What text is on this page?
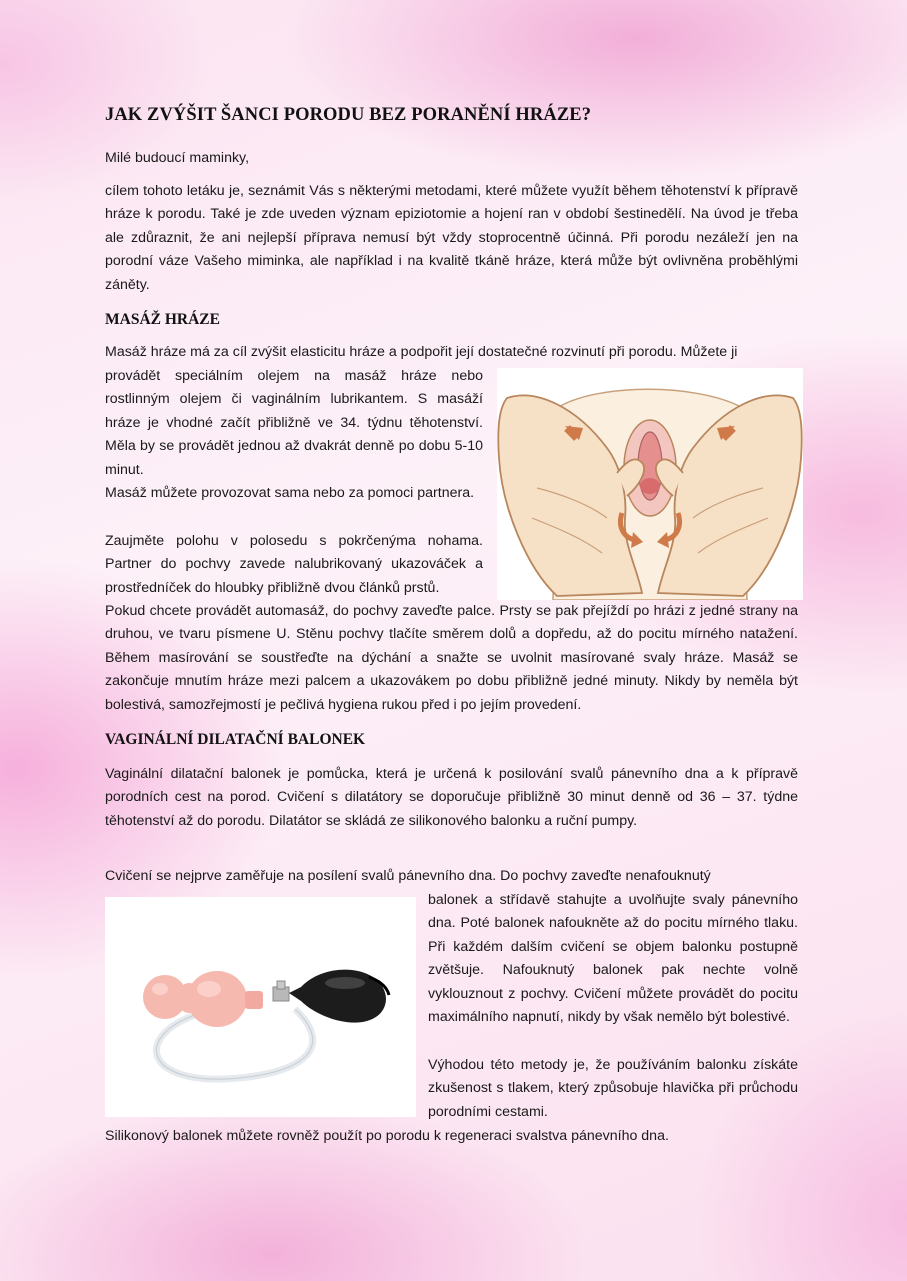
JAK ZVÝŠIT ŠANCI PORODU BEZ PORANĚNÍ HRÁZE?

Milé budoucí maminky,

cílem tohoto letáku je, seznámit Vás s některými metodami, které můžete využít během těhotenství k přípravě hráze k porodu. Také je zde uveden význam epiziotomie a hojení ran v období šestinedělí. Na úvod je třeba ale zdůraznit, že ani nejlepší příprava nemusí být vždy stoprocentně účinná. Při porodu nezáleží jen na porodní váze Vašeho miminka, ale například i na kvalitě tkáně hráze, která může být ovlivněna proběhlými záněty.

MASÁŽ HRÁZE

Masáž hráze má za cíl zvýšit elasticitu hráze a podpořit její dostatečné rozvinutí při porodu. Můžete ji

provádět speciálním olejem na masáž hráze nebo rostlinným olejem či vaginálním lubrikantem. S masáží hráze je vhodné začít přibližně ve 34. týdnu těhotenství. Měla by se provádět jednou až dvakrát denně po dobu 5-10 minut.

Masáž můžete provozovat sama nebo za pomoci partnera.

Zaujměte polohu v polosedu s pokrčenýma nohama. Partner do pochvy zavede nalubrikovaný ukazováček a prostředníček do hloubky přibližně dvou článků prstů.

Pokud chcete provádět automasáž, do pochvy zaveďte palce. Prsty se pak přejíždí po hrázi z jedné strany na druhou, ve tvaru písmene U. Stěnu pochvy tlačíte směrem dolů a dopředu, až do pocitu mírného natažení. Během masírování se soustřeďte na dýchání a snažte se uvolnit masírované svaly hráze. Masáž se zakončuje mnutím hráze mezi palcem a ukazovákem po dobu přibližně jedné minuty. Nikdy by neměla být bolestivá, samozřejmostí je pečlivá hygiena rukou před i po jejím provedení.

VAGINÁLNÍ DILATAČNÍ BALONEK

Vaginální dilatační balonek je pomůcka, která je určená k posilování svalů pánevního dna a k přípravě porodních cest na porod. Cvičení s dilatátory se doporučuje přibližně 30 minut denně od 36 – 37. týdne těhotenství až do porodu. Dilatátor se skládá ze silikonového balonku a ruční pumpy.

Cvičení se nejprve zaměřuje na posílení svalů pánevního dna. Do pochvy zaveďte nenafouknutý

balonek a střídavě stahujte a uvolňujte svaly pánevního dna. Poté balonek nafoukněte až do pocitu mírného tlaku. Při každém dalším cvičení se objem balonku postupně zvětšuje. Nafouknutý balonek pak nechte volně vyklouznout z pochvy. Cvičení můžete provádět do pocitu maximálního napnutí, nikdy by však nemělo být bolestivé.

Výhodou této metody je, že používáním balonku získáte zkušenost s tlakem, který způsobuje hlavička při průchodu porodními cestami.

Silikonový balonek můžete rovněž použít po porodu k regeneraci svalstva pánevního dna.
